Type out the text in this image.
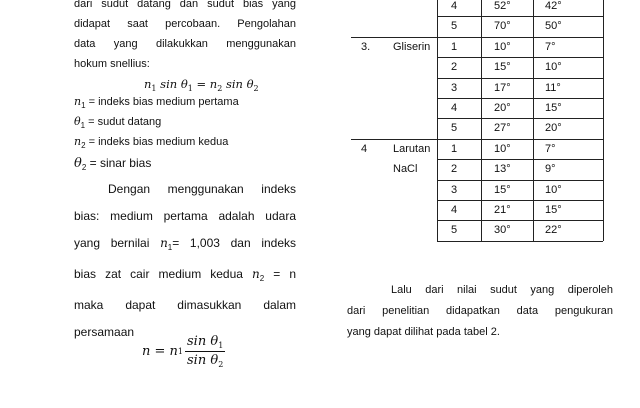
dari sudut datang dan sudut bias yang
didapat saat percobaan. Pengolahan
data yang dilakukkan menggunakan
hokum snellius:
$n_1$ $\sin \theta_1 = n_2$ $\sin \theta_2$
$n_1$ = indeks bias medium pertama
$\theta_1$ = sudut datang
$n_2$ = indeks bias medium kedua
$\theta_2$ = sinar bias
Dengan menggunakan indeks
bias: medium pertama adalah udara
yang bernilai $n_1= 1,003$ dan indeks
bias zat cair medium kedua $n_2 = n$
maka dapat dimasukkan dalam
persamaan
n = n $1 \frac{\sin \theta_1}{\sin \theta_2}$
4	52°	42°
5	70°	50°
3. Gliserin 1	10°	7°
2	15°	10°
3	17°	11°
4	20°	15°
5	27°	20°
4 Larutan 1	10°	7°
NaCl	2	13°	9°
3	15°	10°
4	21°	15°
5	30°	22°
Lalu dari nilai sudut yang diperoleh
dari penelitian didapatkan data pengukuran
yang dapat dilihat pada tabel 2.
